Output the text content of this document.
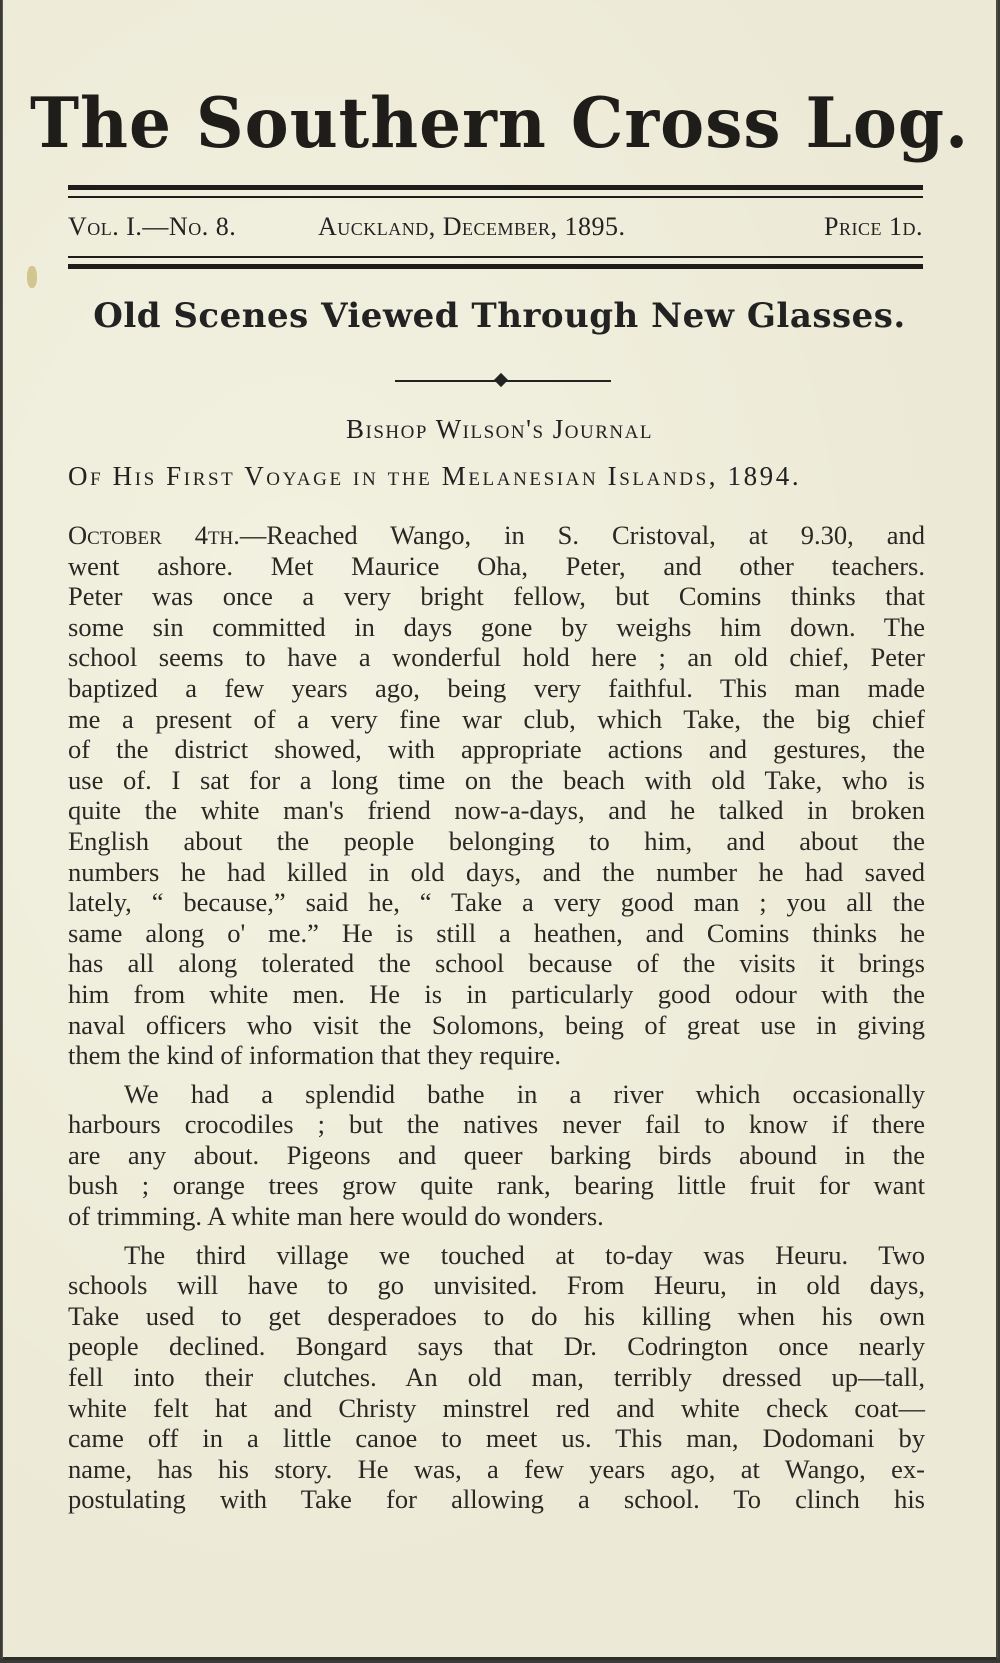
The Southern Cross Log.
Vol. I.—No. 8.	Auckland, December, 1895.	Price 1d.
Old Scenes Viewed Through New Glasses.
Bishop Wilson's Journal
Of His First Voyage in the Melanesian Islands, 1894.
October 4th.—Reached Wango, in S. Cristoval, at 9.30, and
went ashore. Met Maurice Oha, Peter, and other teachers.
Peter was once a very bright fellow, but Comins thinks that
some sin committed in days gone by weighs him down. The
school seems to have a wonderful hold here ; an old chief, Peter
baptized a few years ago, being very faithful. This man made
me a present of a very fine war club, which Take, the big chief
of the district showed, with appropriate actions and gestures, the
use of. I sat for a long time on the beach with old Take, who is
quite the white man's friend now-a-days, and he talked in broken
English about the people belonging to him, and about the
numbers he had killed in old days, and the number he had saved
lately, “ because,” said he, “ Take a very good man ; you all the
same along o' me.” He is still a heathen, and Comins thinks he
has all along tolerated the school because of the visits it brings
him from white men. He is in particularly good odour with the
naval officers who visit the Solomons, being of great use in giving
them the kind of information that they require.
We had a splendid bathe in a river which occasionally
harbours crocodiles ; but the natives never fail to know if there
are any about. Pigeons and queer barking birds abound in the
bush ; orange trees grow quite rank, bearing little fruit for want
of trimming. A white man here would do wonders.
The third village we touched at to-day was Heuru. Two
schools will have to go unvisited. From Heuru, in old days,
Take used to get desperadoes to do his killing when his own
people declined. Bongard says that Dr. Codrington once nearly
fell into their clutches. An old man, terribly dressed up—tall,
white felt hat and Christy minstrel red and white check coat—
came off in a little canoe to meet us. This man, Dodomani by
name, has his story. He was, a few years ago, at Wango, ex-
postulating with Take for allowing a school. To clinch his
